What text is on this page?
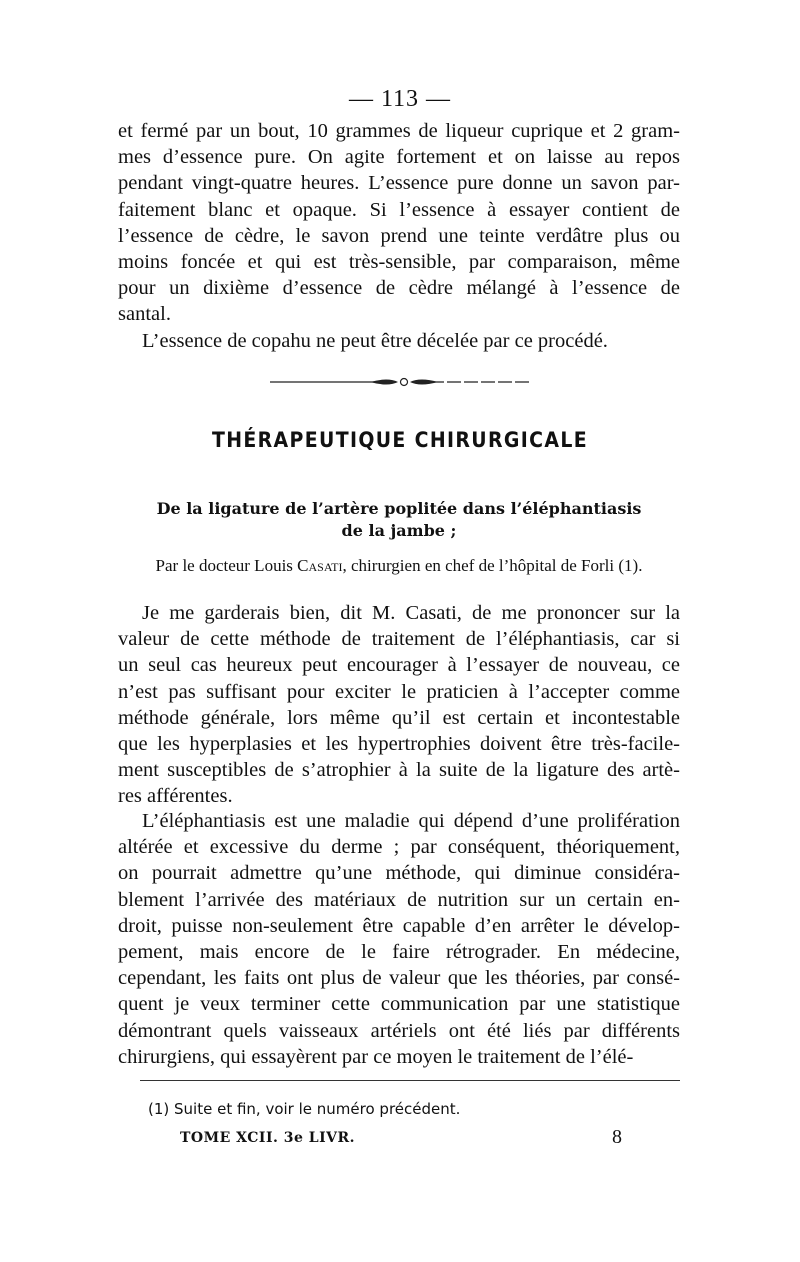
— 113 —
et fermé par un bout, 10 grammes de liqueur cuprique et 2 gram-
mes d’essence pure. On agite fortement et on laisse au repos
pendant vingt-quatre heures. L’essence pure donne un savon par-
faitement blanc et opaque. Si l’essence à essayer contient de
l’essence de cèdre, le savon prend une teinte verdâtre plus ou
moins foncée et qui est très-sensible, par comparaison, même
pour un dixième d’essence de cèdre mélangé à l’essence de
santal.
L’essence de copahu ne peut être décelée par ce procédé.
THÉRAPEUTIQUE CHIRURGICALE
De la ligature de l’artère poplitée dans l’éléphantiasis
de la jambe ;
Par le docteur Louis Casati, chirurgien en chef de l’hôpital de Forli (1).
Je me garderais bien, dit M. Casati, de me prononcer sur la
valeur de cette méthode de traitement de l’éléphantiasis, car si
un seul cas heureux peut encourager à l’essayer de nouveau, ce
n’est pas suffisant pour exciter le praticien à l’accepter comme
méthode générale, lors même qu’il est certain et incontestable
que les hyperplasies et les hypertrophies doivent être très-facile-
ment susceptibles de s’atrophier à la suite de la ligature des artè-
res afférentes.
L’éléphantiasis est une maladie qui dépend d’une prolifération
altérée et excessive du derme ; par conséquent, théoriquement,
on pourrait admettre qu’une méthode, qui diminue considéra-
blement l’arrivée des matériaux de nutrition sur un certain en-
droit, puisse non-seulement être capable d’en arrêter le dévelop-
pement, mais encore de le faire rétrograder. En médecine,
cependant, les faits ont plus de valeur que les théories, par consé-
quent je veux terminer cette communication par une statistique
démontrant quels vaisseaux artériels ont été liés par différents
chirurgiens, qui essayèrent par ce moyen le traitement de l’élé-
(1) Suite et fin, voir le numéro précédent.
TOME XCII. 3e LIVR.	8
